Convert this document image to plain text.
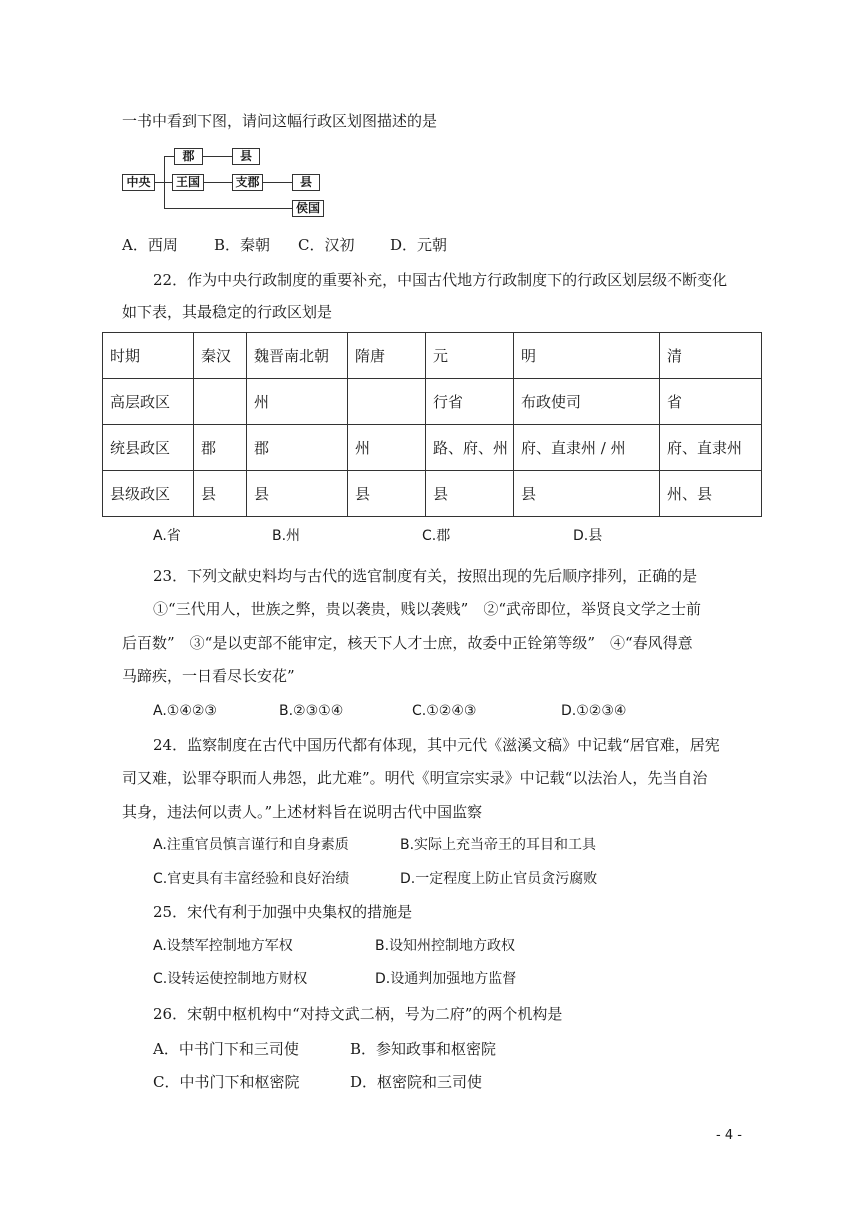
一书中看到下图，请问这幅行政区划图描述的是
中央
郡	县
王国	支郡	县
侯国
A．西周 B．秦朝 C．汉初 D．元朝
22．作为中央行政制度的重要补充，中国古代地方行政制度下的行政区划层级不断变化
如下表，其最稳定的行政区划是
时期	秦汉	魏晋南北朝	隋唐	元	明	清
高层政区		州		行省	布政使司	省
统县政区	郡	郡	州	路、府、州	府、直隶州 / 州	府、直隶州
县级政区	县	县	县	县	县	州、县
A.省	B.州	C.郡	D.县
23．下列文献史料均与古代的选官制度有关，按照出现的先后顺序排列，正确的是
①“三代用人，世族之弊，贵以袭贵，贱以袭贱”　②“武帝即位，举贤良文学之士前
后百数”　③“是以吏部不能审定，核天下人才士庶，故委中正铨第等级”　④“春风得意
马蹄疾，一日看尽长安花”
A.①④②③	B.②③①④	C.①②④③	D.①②③④
24．监察制度在古代中国历代都有体现，其中元代《滋溪文稿》中记载“居官难，居宪
司又难，讼罪夺职而人弗怨，此尤难”。明代《明宣宗实录》中记载“以法治人，先当自治
其身，违法何以责人。”上述材料旨在说明古代中国监察
A.注重官员慎言谨行和自身素质	B.实际上充当帝王的耳目和工具
C.官吏具有丰富经验和良好治绩	D.一定程度上防止官员贪污腐败
25．宋代有利于加强中央集权的措施是
A.设禁军控制地方军权	B.设知州控制地方政权
C.设转运使控制地方财权	D.设通判加强地方监督
26．宋朝中枢机构中“对持文武二柄，号为二府”的两个机构是
A．中书门下和三司使	B．参知政事和枢密院
C．中书门下和枢密院	D．枢密院和三司使
- 4 -
